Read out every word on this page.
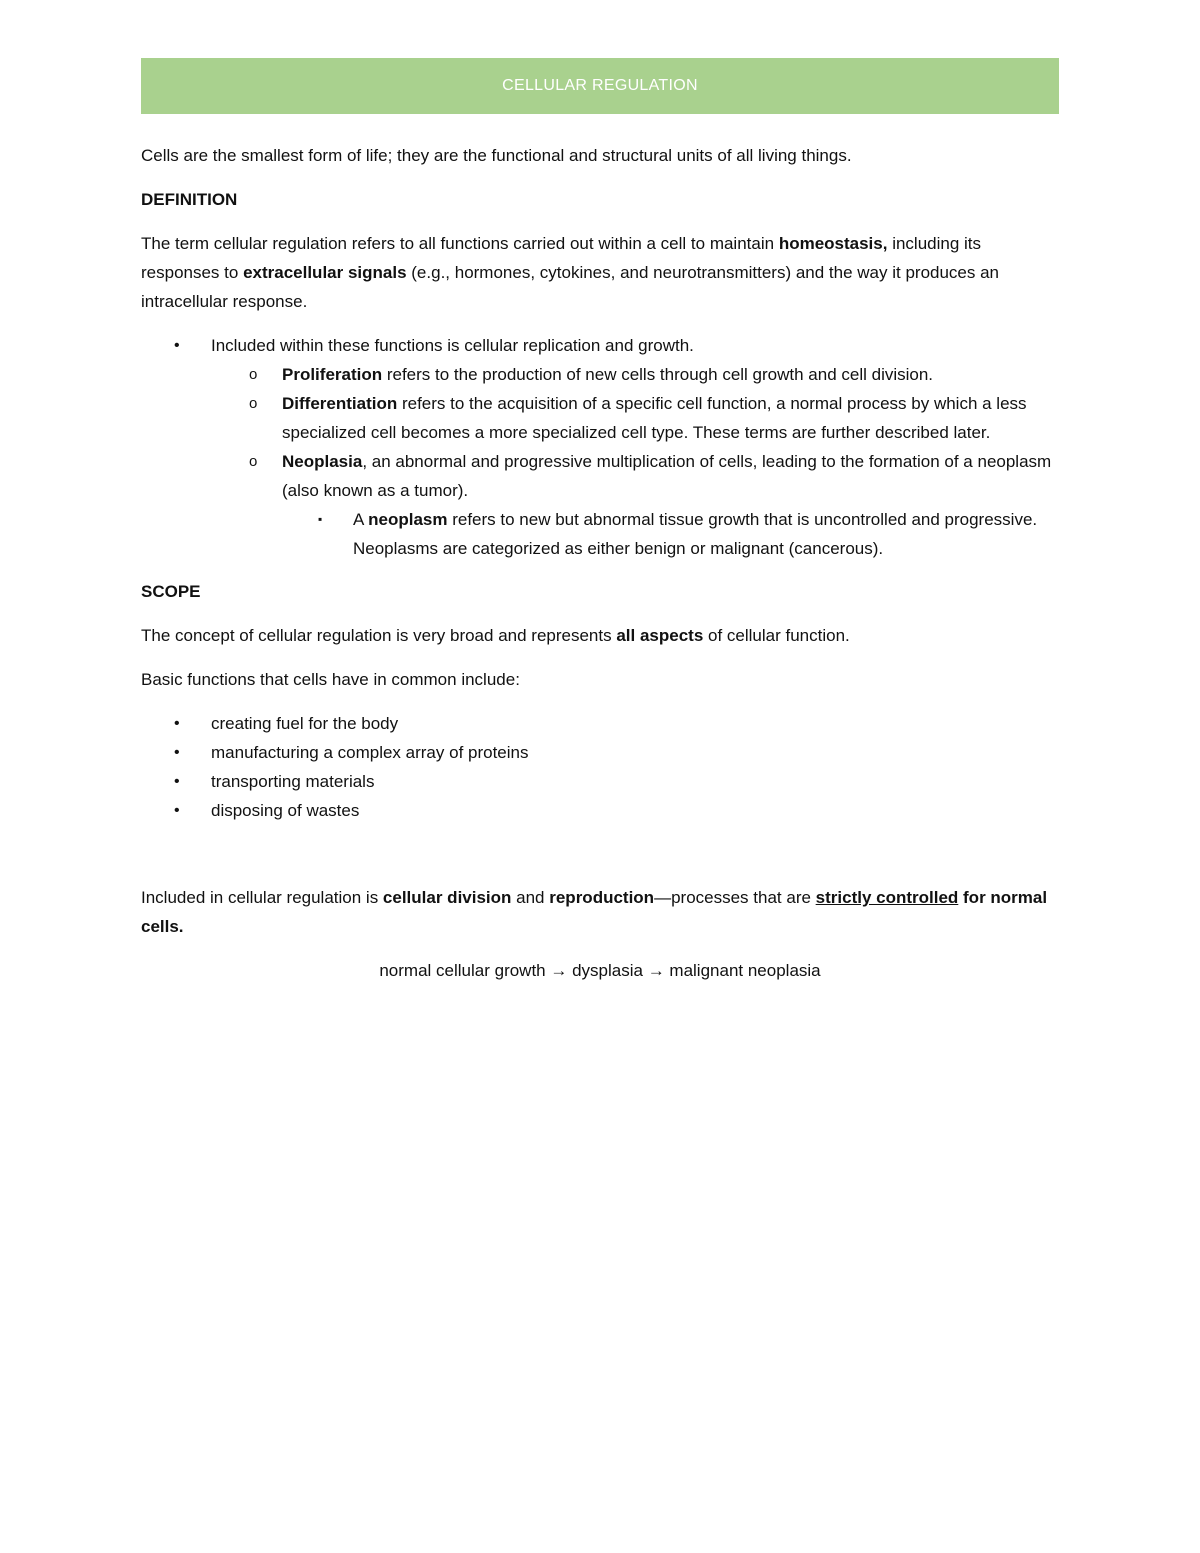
CELLULAR REGULATION

Cells are the smallest form of life; they are the functional and structural units of all living things.

DEFINITION

The term cellular regulation refers to all functions carried out within a cell to maintain homeostasis, including its responses to extracellular signals (e.g., hormones, cytokines, and neurotransmitters) and the way it produces an intracellular response.

• Included within these functions is cellular replication and growth.
o Proliferation refers to the production of new cells through cell growth and cell division.
o Differentiation refers to the acquisition of a specific cell function, a normal process by which a less specialized cell becomes a more specialized cell type. These terms are further described later.
o Neoplasia, an abnormal and progressive multiplication of cells, leading to the formation of a neoplasm (also known as a tumor).
▪ A neoplasm refers to new but abnormal tissue growth that is uncontrolled and progressive. Neoplasms are categorized as either benign or malignant (cancerous).

SCOPE

The concept of cellular regulation is very broad and represents all aspects of cellular function.

Basic functions that cells have in common include:

• creating fuel for the body
• manufacturing a complex array of proteins
• transporting materials
• disposing of wastes

Included in cellular regulation is cellular division and reproduction—processes that are strictly controlled for normal cells.

normal cellular growth → dysplasia → malignant neoplasia
